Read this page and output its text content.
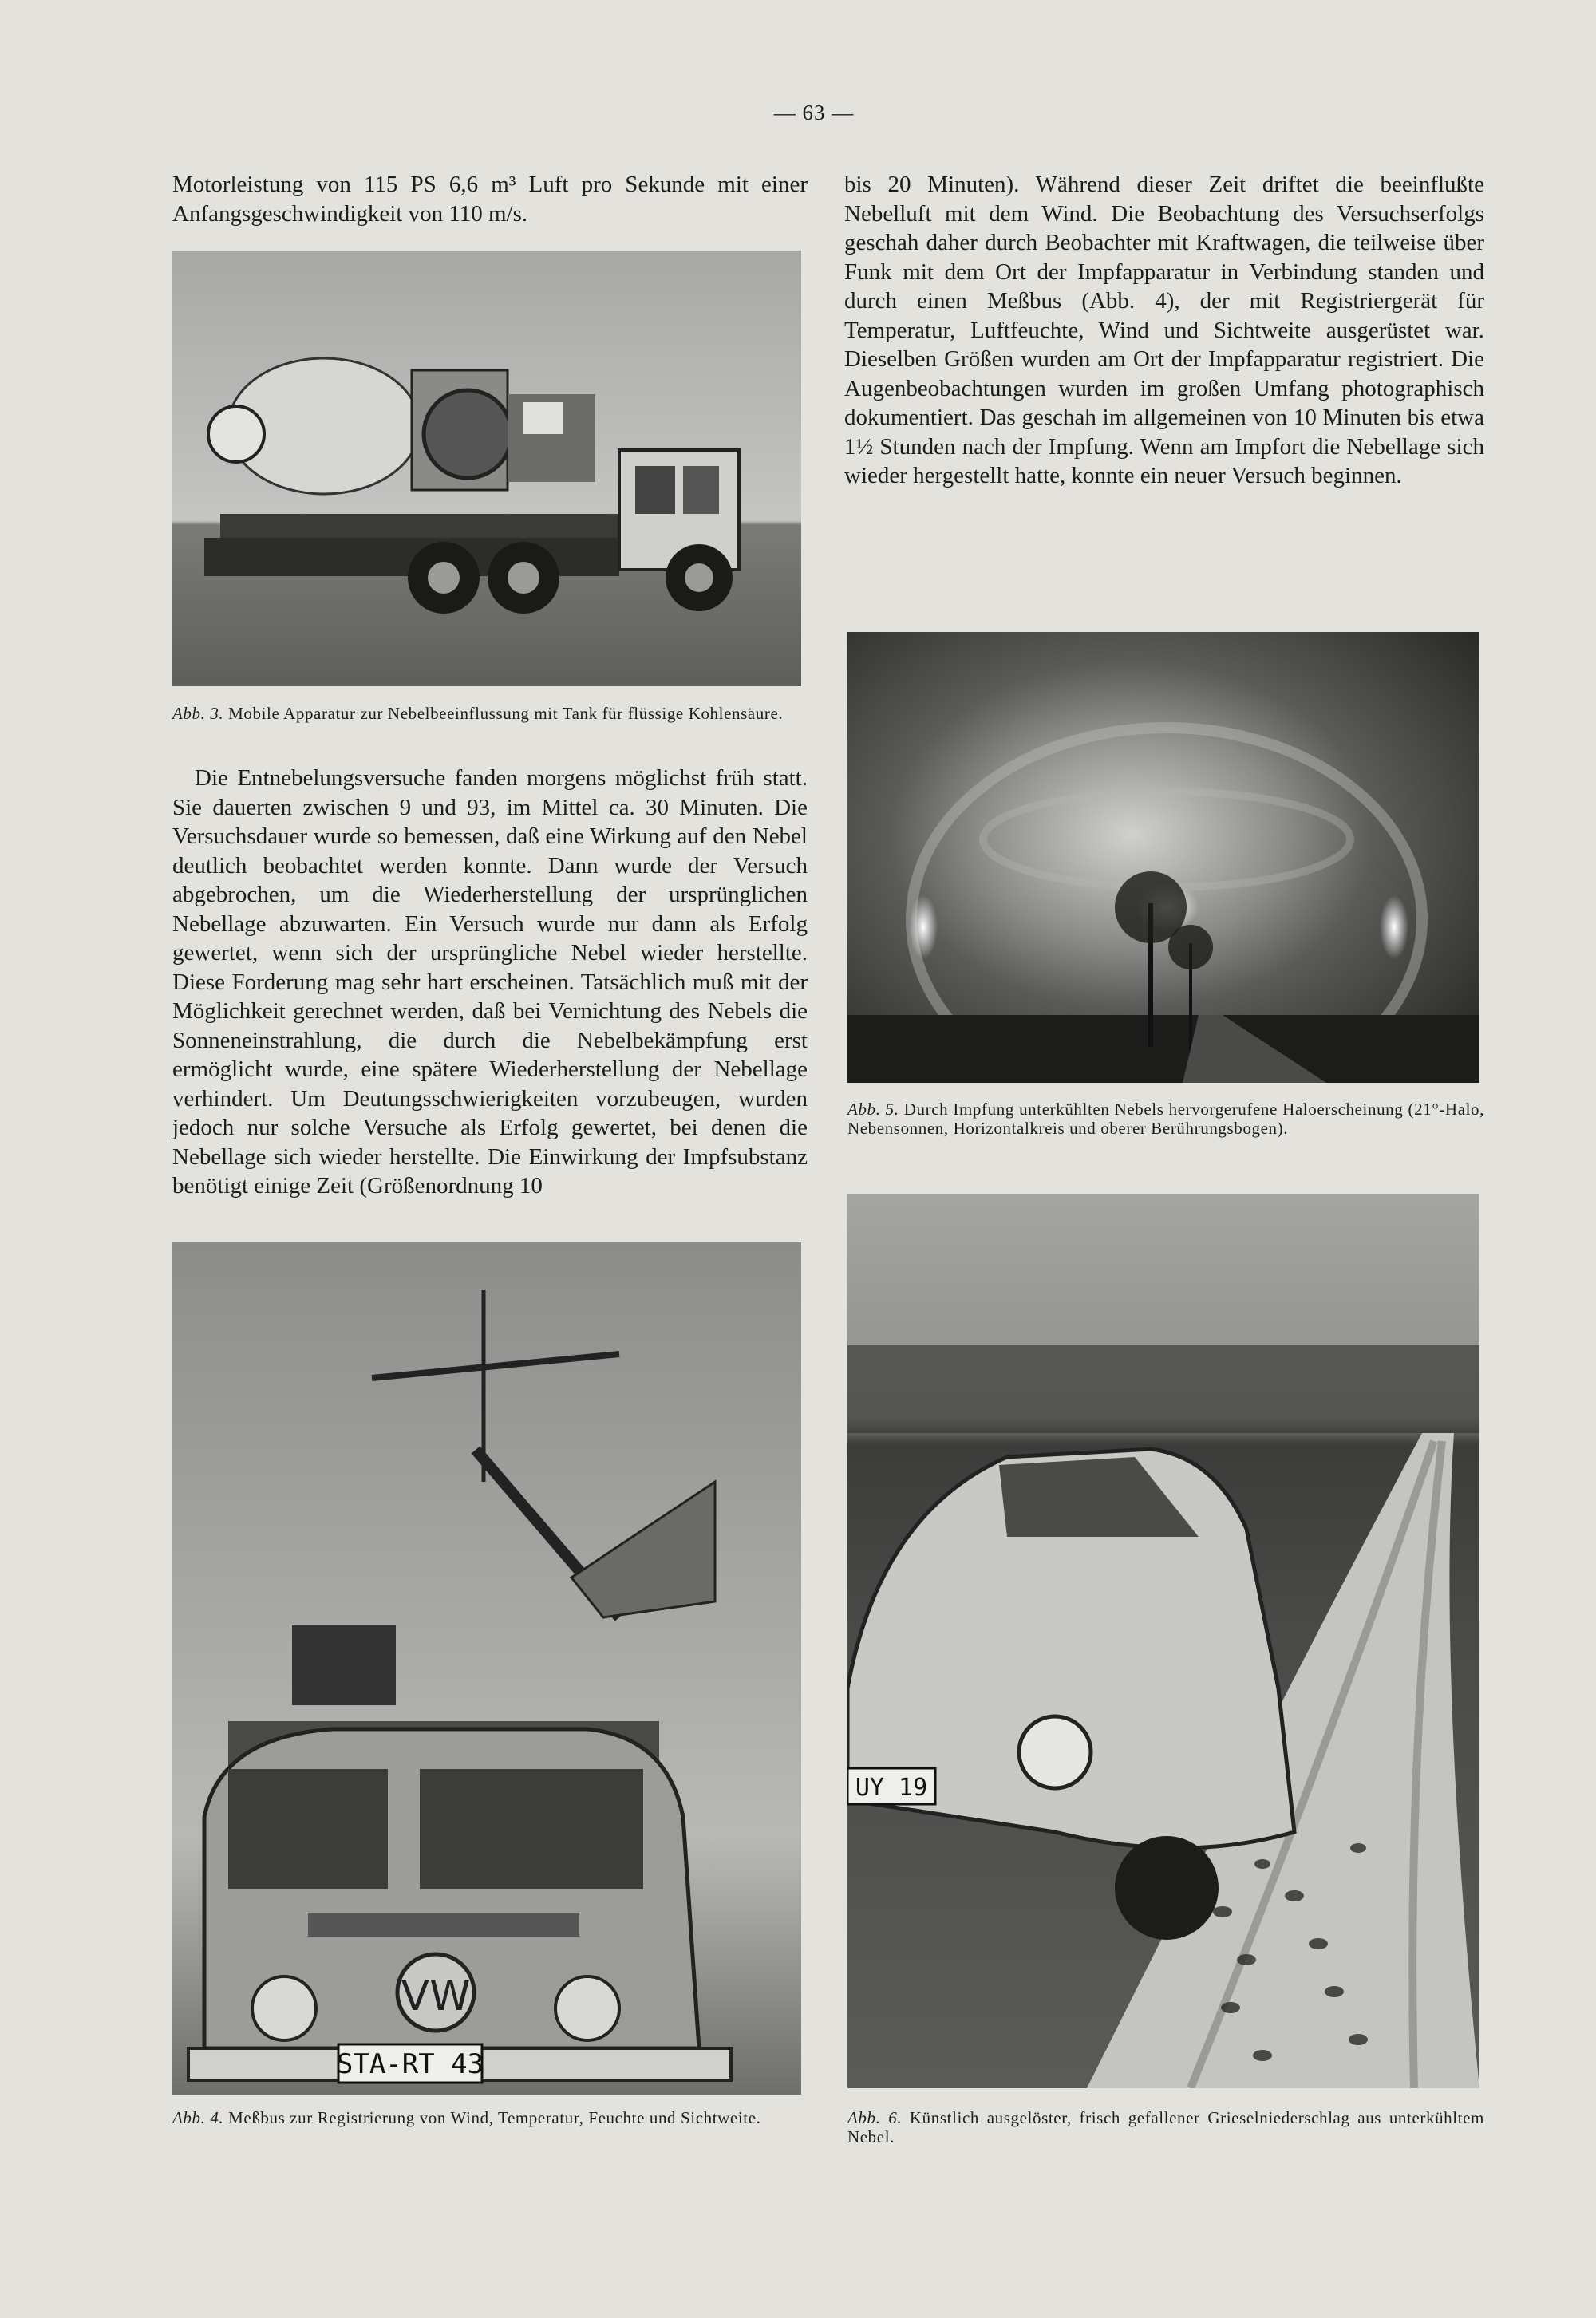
— 63 —

Motorleistung von 115 PS 6,6 m³ Luft pro Sekunde mit einer Anfangsgeschwindigkeit von 110 m/s.

Abb. 3. Mobile Apparatur zur Nebelbeeinflussung mit Tank für flüssige Kohlensäure.

Die Entnebelungsversuche fanden morgens möglichst früh statt. Sie dauerten zwischen 9 und 93, im Mittel ca. 30 Minuten. Die Versuchsdauer wurde so bemessen, daß eine Wirkung auf den Nebel deutlich beobachtet werden konnte. Dann wurde der Versuch abgebrochen, um die Wiederherstellung der ursprünglichen Nebellage abzuwarten. Ein Versuch wurde nur dann als Erfolg gewertet, wenn sich der ursprüngliche Nebel wieder herstellte. Diese Forderung mag sehr hart erscheinen. Tatsächlich muß mit der Möglichkeit gerechnet werden, daß bei Vernichtung des Nebels die Sonneneinstrahlung, die durch die Nebelbekämpfung erst ermöglicht wurde, eine spätere Wiederherstellung der Nebellage verhindert. Um Deutungsschwierigkeiten vorzubeugen, wurden jedoch nur solche Versuche als Erfolg gewertet, bei denen die Nebellage sich wieder herstellte. Die Einwirkung der Impfsubstanz benötigt einige Zeit (Größenordnung 10

VW
STA-RT 43
Abb. 4. Meßbus zur Registrierung von Wind, Temperatur, Feuchte und Sichtweite.

bis 20 Minuten). Während dieser Zeit driftet die beeinflußte Nebelluft mit dem Wind. Die Beobachtung des Versuchserfolgs geschah daher durch Beobachter mit Kraftwagen, die teilweise über Funk mit dem Ort der Impfapparatur in Verbindung standen und durch einen Meßbus (Abb. 4), der mit Registriergerät für Temperatur, Luftfeuchte, Wind und Sichtweite ausgerüstet war. Dieselben Größen wurden am Ort der Impfapparatur registriert. Die Augenbeobachtungen wurden im großen Umfang photographisch dokumentiert. Das geschah im allgemeinen von 10 Minuten bis etwa 1½ Stunden nach der Impfung. Wenn am Impfort die Nebellage sich wieder hergestellt hatte, konnte ein neuer Versuch beginnen.

Abb. 5. Durch Impfung unterkühlten Nebels hervorgerufene Haloerscheinung (21°-Halo, Nebensonnen, Horizontalkreis und oberer Berührungsbogen).
UY 19
Abb. 6. Künstlich ausgelöster, frisch gefallener Grieselniederschlag aus unterkühltem Nebel.
